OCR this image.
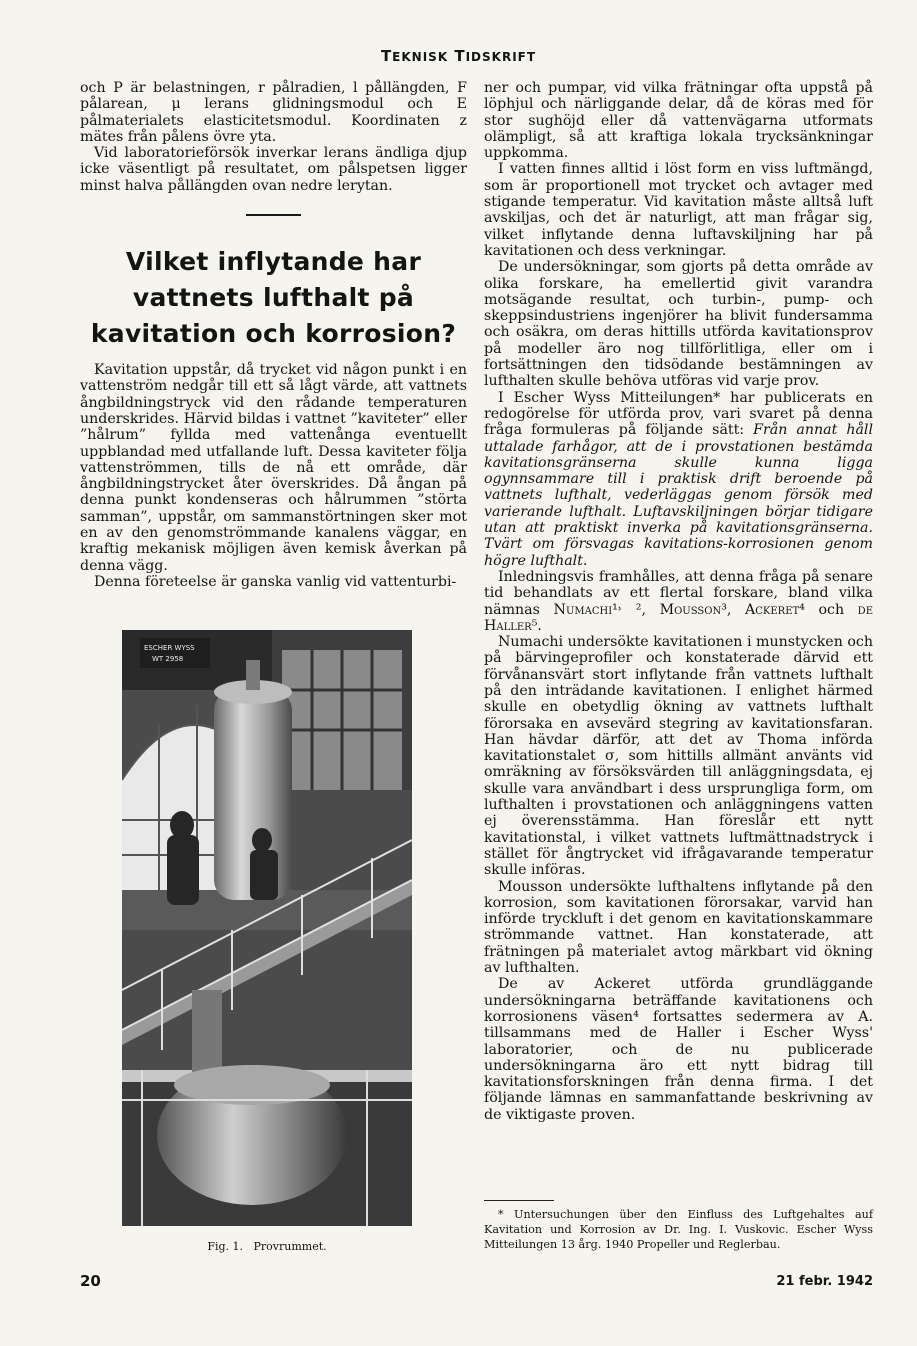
Teknisk Tidskrift

och P är belastningen, r pålradien, l pållängden, F pålarean, μ lerans glidningsmodul och E pålmaterialets elasticitetsmodul. Koordinaten z mätes från pålens övre yta.

Vid laboratorieförsök inverkar lerans ändliga djup icke väsentligt på resultatet, om pålspetsen ligger minst halva pållängden ovan nedre lerytan.

Vilket inflytande har vattnets lufthalt på kavitation och korrosion?

Kavitation uppstår, då trycket vid någon punkt i en vattenström nedgår till ett så lågt värde, att vattnets ångbildningstryck vid den rådande temperaturen underskrides. Härvid bildas i vattnet ”kaviteter” eller ”hålrum” fyllda med vattenånga eventuellt uppblandad med utfallande luft. Dessa kaviteter följa vattenströmmen, tills de nå ett område, där ångbildningstrycket åter överskrides. Då ångan på denna punkt kondenseras och hålrummen ”störta samman”, uppstår, om sammanstörtningen sker mot en av den genomströmmande kanalens väggar, en kraftig mekanisk möjligen även kemisk åverkan på denna vägg.

Denna företeelse är ganska vanlig vid vattenturbi-

ESCHER WYSS
WT 2958
Fig. 1. Provrummet.

ner och pumpar, vid vilka frätningar ofta uppstå på löphjul och närliggande delar, då de köras med för stor sughöjd eller då vattenvägarna utformats olämpligt, så att kraftiga lokala trycksänkningar uppkomma.

I vatten finnes alltid i löst form en viss luftmängd, som är proportionell mot trycket och avtager med stigande temperatur. Vid kavitation måste alltså luft avskiljas, och det är naturligt, att man frågar sig, vilket inflytande denna luftavskiljning har på kavitationen och dess verkningar.

De undersökningar, som gjorts på detta område av olika forskare, ha emellertid givit varandra motsägande resultat, och turbin-, pump- och skeppsindustriens ingenjörer ha blivit fundersamma och osäkra, om deras hittills utförda kavitationsprov på modeller äro nog tillförlitliga, eller om i fortsättningen den tidsödande bestämningen av lufthalten skulle behöva utföras vid varje prov.

I Escher Wyss Mitteilungen* har publicerats en redogörelse för utförda prov, vari svaret på denna fråga formuleras på följande sätt: Från annat håll uttalade farhågor, att de i provstationen bestämda kavitationsgränserna skulle kunna ligga ogynnsammare till i praktisk drift beroende på vattnets lufthalt, vederläggas genom försök med varierande lufthalt. Luftavskiljningen börjar tidigare utan att praktiskt inverka på kavitationsgränserna. Tvärt om försvagas kavitations-korrosionen genom högre lufthalt.

Inledningsvis framhålles, att denna fråga på senare tid behandlats av ett flertal forskare, bland vilka nämnas Numachi¹˒ ², Mousson³, Ackeret⁴ och de Haller⁵.

Numachi undersökte kavitationen i munstycken och på bärvingeprofiler och konstaterade därvid ett förvånansvärt stort inflytande från vattnets lufthalt på den inträdande kavitationen. I enlighet härmed skulle en obetydlig ökning av vattnets lufthalt förorsaka en avsevärd stegring av kavitationsfaran. Han hävdar därför, att det av Thoma införda kavitationstalet σ, som hittills allmänt använts vid omräkning av försöksvärden till anläggningsdata, ej skulle vara användbart i dess ursprungliga form, om lufthalten i provstationen och anläggningens vatten ej överensstämma. Han föreslår ett nytt kavitationstal, i vilket vattnets luftmättnadstryck i stället för ångtrycket vid ifrågavarande temperatur skulle införas.

Mousson undersökte lufthaltens inflytande på den korrosion, som kavitationen förorsakar, varvid han införde tryckluft i det genom en kavitationskammare strömmande vattnet. Han konstaterade, att frätningen på materialet avtog märkbart vid ökning av lufthalten.

De av Ackeret utförda grundläggande undersökningarna beträffande kavitationens och korrosionens väsen⁴ fortsattes sedermera av A. tillsammans med de Haller i Escher Wyss' laboratorier, och de nu publicerade undersökningarna äro ett nytt bidrag till kavitationsforskningen från denna firma. I det följande lämnas en sammanfattande beskrivning av de viktigaste proven.

* Untersuchungen über den Einfluss des Luftgehaltes auf Kavitation und Korrosion av Dr. Ing. I. Vuskovic. Escher Wyss Mitteilungen 13 årg. 1940 Propeller und Reglerbau.

20	21 febr. 1942
